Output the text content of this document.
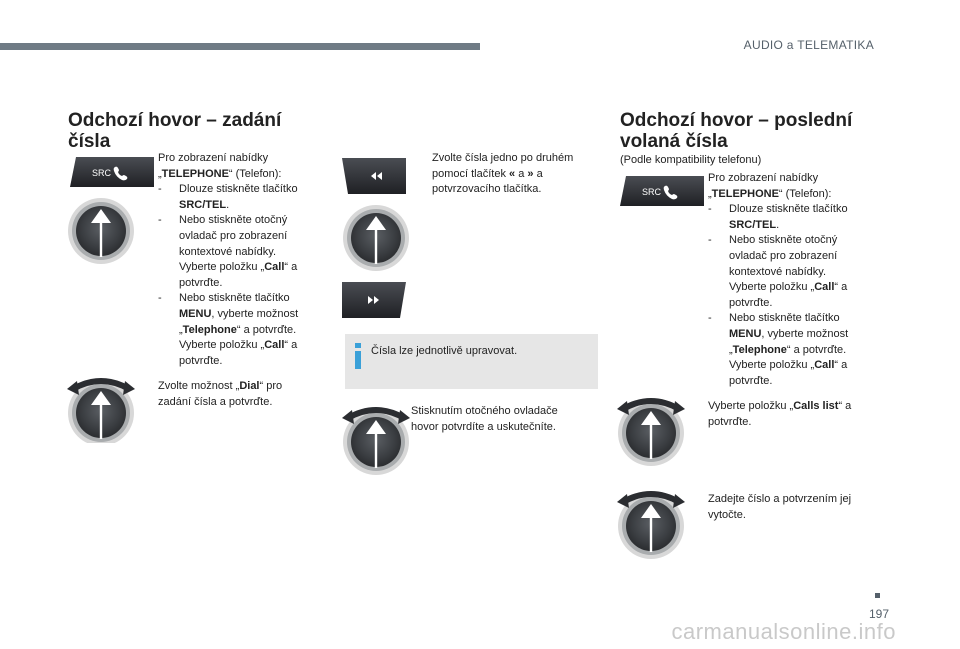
AUDIO a TELEMATIKA
Odchozí hovor – zadání
čísla
SRC

Pro zobrazení nabídky

„TELEPHONE“ (Telefon):

- Dlouze stiskněte tlačítko

SRC/TEL.

- Nebo stiskněte otočný

ovladač pro zobrazení

kontextové nabídky.

Vyberte položku „Call“ a

potvrďte.

- Nebo stiskněte tlačítko

MENU, vyberte možnost

„Telephone“ a potvrďte.

Vyberte položku „Call“ a

potvrďte.

Zvolte možnost „Dial“ pro

zadání čísla a potvrďte.

Zvolte čísla jedno po druhém

pomocí tlačítek « a » a

potvrzovacího tlačítka.

i
Čísla lze jednotlivě upravovat.

Stisknutím otočného ovladače

hovor potvrdíte a uskutečníte.

Odchozí hovor – poslední
volaná čísla
(Podle kompatibility telefonu)
SRC

Pro zobrazení nabídky

„TELEPHONE“ (Telefon):

- Dlouze stiskněte tlačítko

SRC/TEL.

- Nebo stiskněte otočný

ovladač pro zobrazení

kontextové nabídky.

Vyberte položku „Call“ a

potvrďte.

- Nebo stiskněte tlačítko

MENU, vyberte možnost

„Telephone“ a potvrďte.

Vyberte položku „Call“ a

potvrďte.

Vyberte položku „Calls list“ a

potvrďte.

Zadejte číslo a potvrzením jej

vytočte.

197
carmanualsonline.info
